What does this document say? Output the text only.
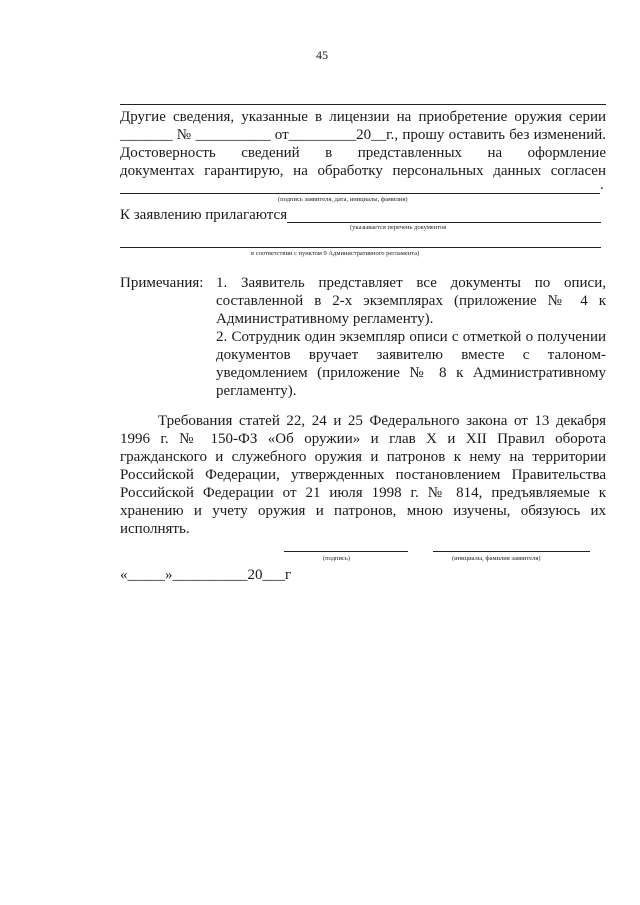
45
Другие сведения, указанные в лицензии на приобретение оружия серии
_______ № __________ от_________20__г., прошу оставить без изменений.
Достоверность сведений в представленных на оформление
документах гарантирую, на обработку персональных данных согласен
.
(подпись заявителя, дата, инициалы, фамилия)
К заявлению прилагаются
(указывается перечень документов
в соответствии с пунктом 9 Административного регламента)
Примечания: 1. Заявитель представляет все документы по описи,
составленной в 2-х экземплярах (приложение № 4 к
Административному регламенту).
2. Сотрудник один экземпляр описи с отметкой о получении
документов вручает заявителю вместе с талоном-
уведомлением (приложение № 8 к Административному
регламенту).
Требования статей 22, 24 и 25 Федерального закона от 13 декабря
1996 г. № 150-ФЗ «Об оружии» и глав X и XII Правил оборота
гражданского и служебного оружия и патронов к нему на территории
Российской Федерации, утвержденных постановлением Правительства
Российской Федерации от 21 июля 1998 г. № 814, предъявляемые к
хранению и учету оружия и патронов, мною изучены, обязуюсь их
исполнять.
(подпись)	(инициалы, фамилия заявителя)
«_____»__________20___г
